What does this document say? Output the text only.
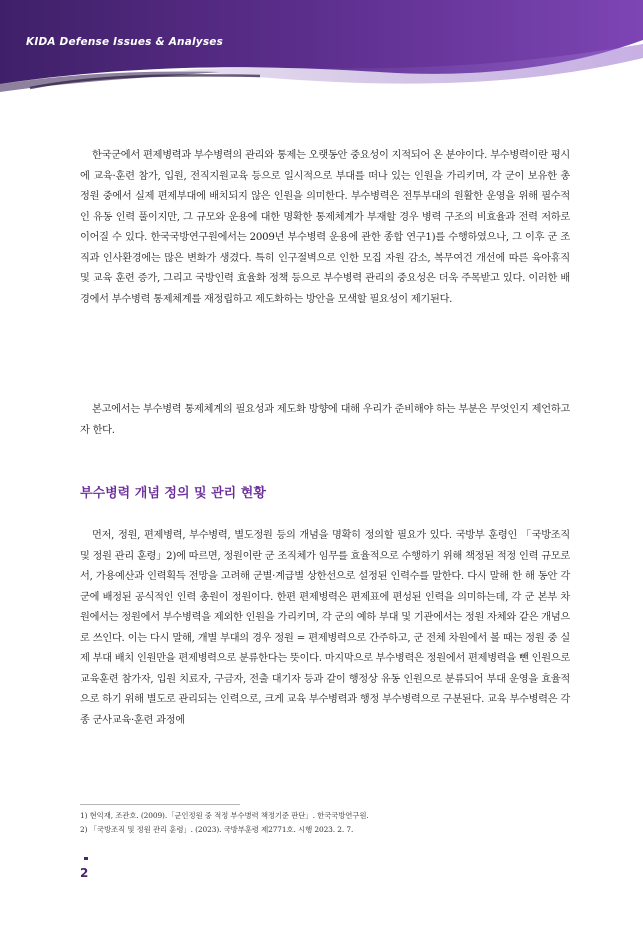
KIDA Defense Issues & Analyses

한국군에서 편제병력과 부수병력의 관리와 통제는 오랫동안 중요성이 지적되어 온 분야이다. 부수병력이란 평시에 교육·훈련 참가, 입원, 전직지원교육 등으로 일시적으로 부대를 떠나 있는 인원을 가리키며, 각 군이 보유한 총 정원 중에서 실제 편제부대에 배치되지 않은 인원을 의미한다. 부수병력은 전투부대의 원활한 운영을 위해 필수적인 유동 인력 풀이지만, 그 규모와 운용에 대한 명확한 통제체계가 부재할 경우 병력 구조의 비효율과 전력 저하로 이어질 수 있다. 한국국방연구원에서는 2009년 부수병력 운용에 관한 종합 연구1)를 수행하였으나, 그 이후 군 조직과 인사환경에는 많은 변화가 생겼다. 특히 인구절벽으로 인한 모집 자원 감소, 복무여건 개선에 따른 육아휴직 및 교육 훈련 증가, 그리고 국방인력 효율화 정책 등으로 부수병력 관리의 중요성은 더욱 주목받고 있다. 이러한 배경에서 부수병력 통제체계를 재정립하고 제도화하는 방안을 모색할 필요성이 제기된다.

본고에서는 부수병력 통제체계의 필요성과 제도화 방향에 대해 우리가 준비해야 하는 부분은 무엇인지 제언하고자 한다.

부수병력 개념 정의 및 관리 현황

먼저, 정원, 편제병력, 부수병력, 별도정원 등의 개념을 명확히 정의할 필요가 있다. 국방부 훈령인 「국방조직 및 정원 관리 훈령」2)에 따르면, 정원이란 군 조직체가 임무를 효율적으로 수행하기 위해 책정된 적정 인력 규모로서, 가용예산과 인력획득 전망을 고려해 군별·계급별 상한선으로 설정된 인력수를 말한다. 다시 말해 한 해 동안 각 군에 배정된 공식적인 인력 총원이 정원이다. 한편 편제병력은 편제표에 편성된 인력을 의미하는데, 각 군 본부 차원에서는 정원에서 부수병력을 제외한 인원을 가리키며, 각 군의 예하 부대 및 기관에서는 정원 자체와 같은 개념으로 쓰인다. 이는 다시 말해, 개별 부대의 경우 정원 = 편제병력으로 간주하고, 군 전체 차원에서 볼 때는 정원 중 실제 부대 배치 인원만을 편제병력으로 분류한다는 뜻이다. 마지막으로 부수병력은 정원에서 편제병력을 뺀 인원으로 교육훈련 참가자, 입원 치료자, 구금자, 전출 대기자 등과 같이 행정상 유동 인원으로 분류되어 부대 운영을 효율적으로 하기 위해 별도로 관리되는 인력으로, 크게 교육 부수병력과 행정 부수병력으로 구분된다. 교육 부수병력은 각종 군사교육·훈련 과정에

1) 현익재, 조관호. (2009).「군인정원 중 적정 부수병력 책정기준 판단」. 한국국방연구원.
2) 「국방조직 및 정원 관리 훈령」. (2023). 국방부훈령 제2771호. 시행 2023. 2. 7.
2
